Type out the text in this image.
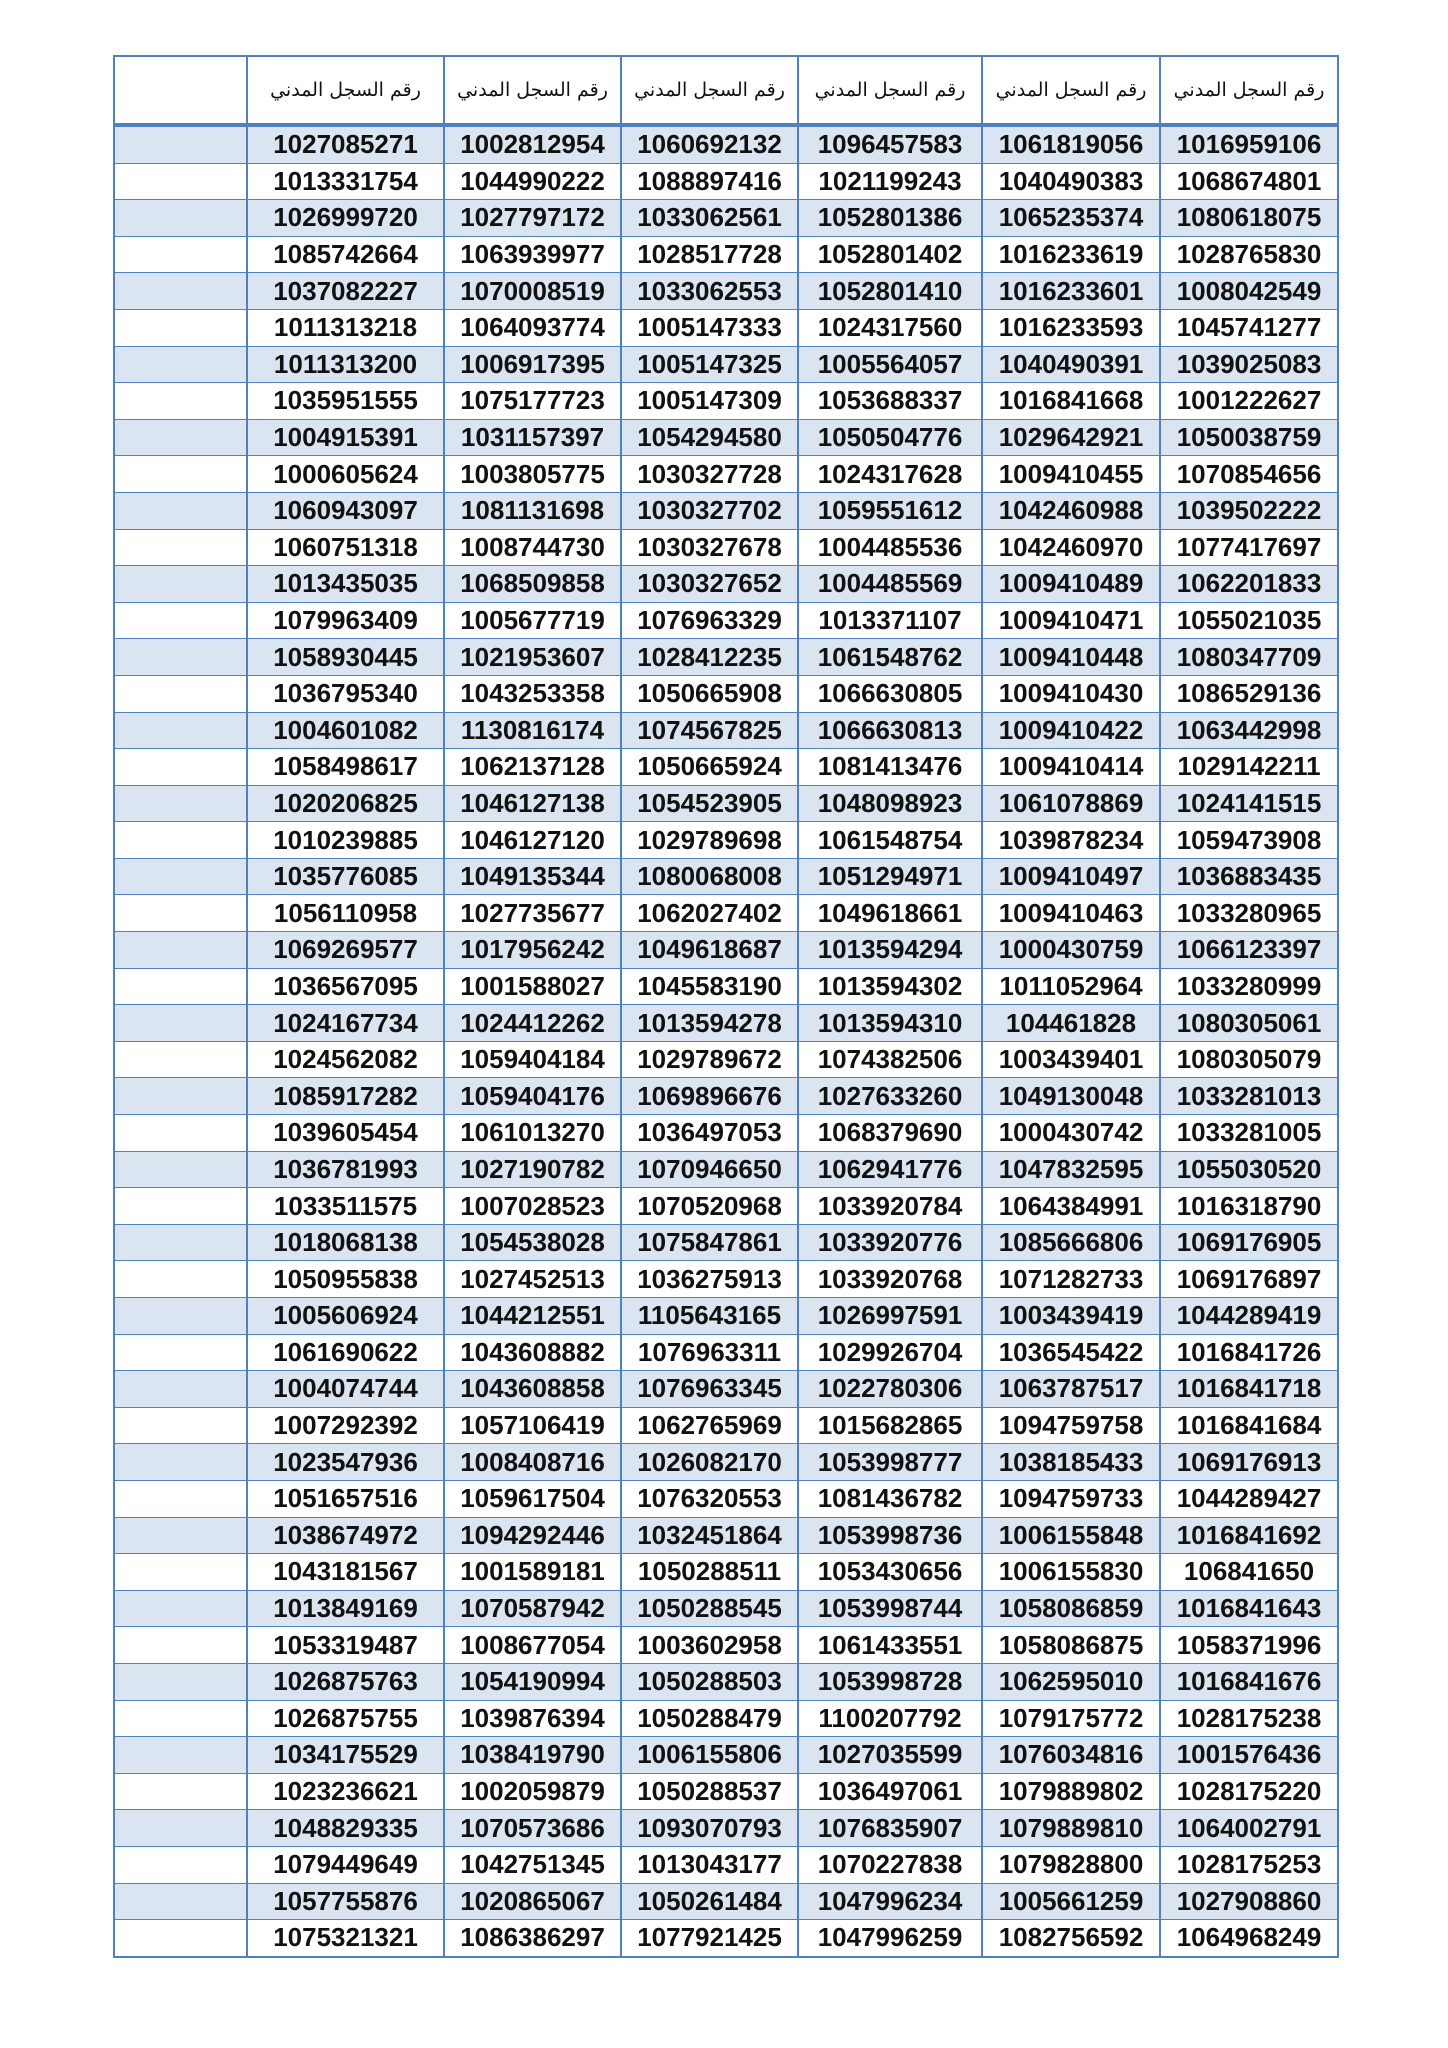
	رقم السجل المدني	رقم السجل المدني	رقم السجل المدني	رقم السجل المدني	رقم السجل المدني	رقم السجل المدني
	1027085271	1002812954	1060692132	1096457583	1061819056	1016959106
	1013331754	1044990222	1088897416	1021199243	1040490383	1068674801
	1026999720	1027797172	1033062561	1052801386	1065235374	1080618075
	1085742664	1063939977	1028517728	1052801402	1016233619	1028765830
	1037082227	1070008519	1033062553	1052801410	1016233601	1008042549
	1011313218	1064093774	1005147333	1024317560	1016233593	1045741277
	1011313200	1006917395	1005147325	1005564057	1040490391	1039025083
	1035951555	1075177723	1005147309	1053688337	1016841668	1001222627
	1004915391	1031157397	1054294580	1050504776	1029642921	1050038759
	1000605624	1003805775	1030327728	1024317628	1009410455	1070854656
	1060943097	1081131698	1030327702	1059551612	1042460988	1039502222
	1060751318	1008744730	1030327678	1004485536	1042460970	1077417697
	1013435035	1068509858	1030327652	1004485569	1009410489	1062201833
	1079963409	1005677719	1076963329	1013371107	1009410471	1055021035
	1058930445	1021953607	1028412235	1061548762	1009410448	1080347709
	1036795340	1043253358	1050665908	1066630805	1009410430	1086529136
	1004601082	1130816174	1074567825	1066630813	1009410422	1063442998
	1058498617	1062137128	1050665924	1081413476	1009410414	1029142211
	1020206825	1046127138	1054523905	1048098923	1061078869	1024141515
	1010239885	1046127120	1029789698	1061548754	1039878234	1059473908
	1035776085	1049135344	1080068008	1051294971	1009410497	1036883435
	1056110958	1027735677	1062027402	1049618661	1009410463	1033280965
	1069269577	1017956242	1049618687	1013594294	1000430759	1066123397
	1036567095	1001588027	1045583190	1013594302	1011052964	1033280999
	1024167734	1024412262	1013594278	1013594310	104461828	1080305061
	1024562082	1059404184	1029789672	1074382506	1003439401	1080305079
	1085917282	1059404176	1069896676	1027633260	1049130048	1033281013
	1039605454	1061013270	1036497053	1068379690	1000430742	1033281005
	1036781993	1027190782	1070946650	1062941776	1047832595	1055030520
	1033511575	1007028523	1070520968	1033920784	1064384991	1016318790
	1018068138	1054538028	1075847861	1033920776	1085666806	1069176905
	1050955838	1027452513	1036275913	1033920768	1071282733	1069176897
	1005606924	1044212551	1105643165	1026997591	1003439419	1044289419
	1061690622	1043608882	1076963311	1029926704	1036545422	1016841726
	1004074744	1043608858	1076963345	1022780306	1063787517	1016841718
	1007292392	1057106419	1062765969	1015682865	1094759758	1016841684
	1023547936	1008408716	1026082170	1053998777	1038185433	1069176913
	1051657516	1059617504	1076320553	1081436782	1094759733	1044289427
	1038674972	1094292446	1032451864	1053998736	1006155848	1016841692
	1043181567	1001589181	1050288511	1053430656	1006155830	106841650
	1013849169	1070587942	1050288545	1053998744	1058086859	1016841643
	1053319487	1008677054	1003602958	1061433551	1058086875	1058371996
	1026875763	1054190994	1050288503	1053998728	1062595010	1016841676
	1026875755	1039876394	1050288479	1100207792	1079175772	1028175238
	1034175529	1038419790	1006155806	1027035599	1076034816	1001576436
	1023236621	1002059879	1050288537	1036497061	1079889802	1028175220
	1048829335	1070573686	1093070793	1076835907	1079889810	1064002791
	1079449649	1042751345	1013043177	1070227838	1079828800	1028175253
	1057755876	1020865067	1050261484	1047996234	1005661259	1027908860
	1075321321	1086386297	1077921425	1047996259	1082756592	1064968249
